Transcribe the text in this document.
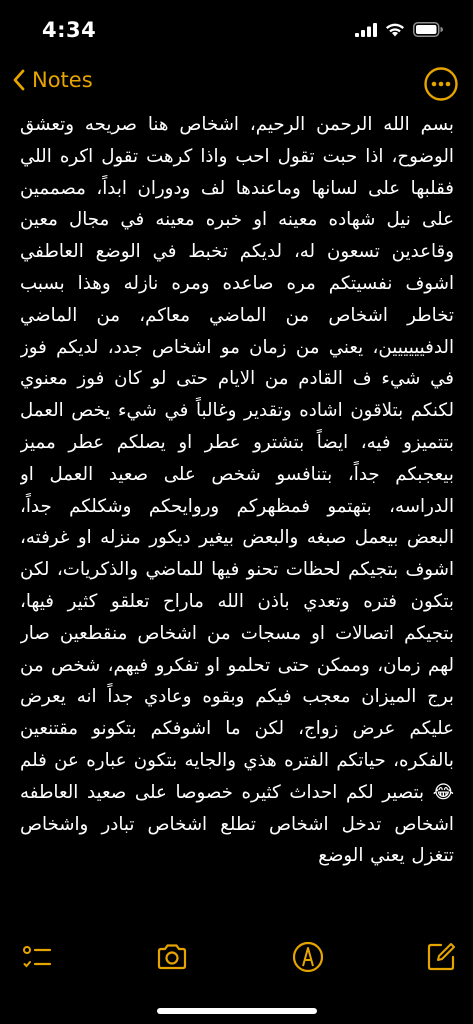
4:34
Notes
بسم الله الرحمن الرحيم، اشخاص هنا صريحه وتعشق الوضوح، اذا حبت تقول احب واذا كرهت تقول اكره اللي فقلبها على لسانها وماعندها لف ودوران ابداً، مصممين على نيل شهاده معينه او خبره معينه في مجال معين وقاعدين تسعون له، لديكم تخبط في الوضع العاطفي اشوف نفسيتكم مره صاعده ومره نازله وهذا بسبب تخاطر اشخاص من الماضي معاكم، من الماضي الدفيييييين، يعني من زمان مو اشخاص جدد، لديكم فوز في شيء ف القادم من الايام حتى لو كان فوز معنوي لكنكم بتلاقون اشاده وتقدير وغالباً في شيء يخص العمل بتتميزو فيه، ايضاً بتشترو عطر او يصلكم عطر مميز بيعجبكم جداً، بتنافسو شخص على صعيد العمل او الدراسه، بتهتمو فمظهركم وروايحكم وشكلكم جداً، البعض بيعمل صبغه والبعض بيغير ديكور منزله او غرفته، اشوف بتجيكم لحظات تحنو فيها للماضي والذكريات، لكن بتكون فتره وتعدي باذن الله ماراح تعلقو كثير فيها، بتجيكم اتصالات او مسجات من اشخاص منقطعين صار لهم زمان، وممكن حتى تحلمو او تفكرو فيهم، شخص من برج الميزان معجب فيكم وبقوه وعادي جداً انه يعرض عليكم عرض زواج، لكن ما اشوفكم بتكونو مقتنعين بالفكره، حياتكم الفتره هذي والجايه بتكون عباره عن فلم 😂 بتصير لكم احداث كثيره خصوصا على صعيد العاطفه اشخاص تدخل اشخاص تطلع اشخاص تبادر واشخاص تتغزل يعني الوضع
